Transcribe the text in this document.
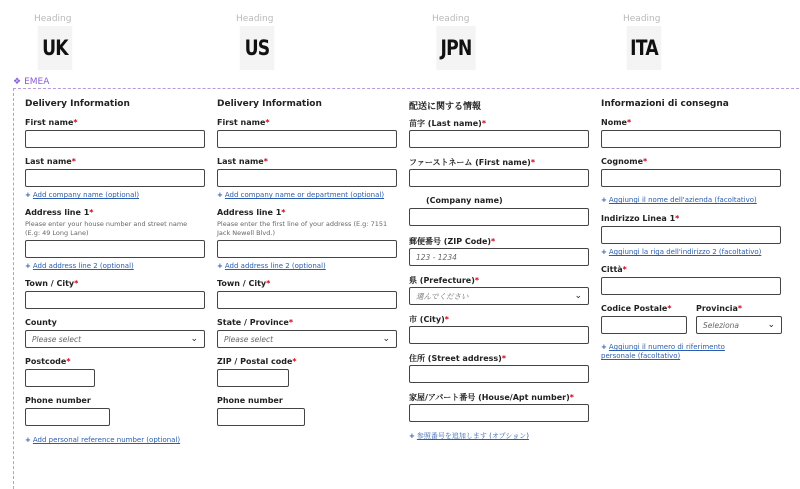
Heading
UK
Heading
US
Heading
JPN
Heading
ITA
❖ EMEA
Delivery Information
First name*
Last name*
+ Add company name (optional)
Address line 1*
Please enter your house number and street name (E.g: 49 Long Lane)
+ Add address line 2 (optional)
Town / City*
County
Please select	⌄
Postcode*
Phone number
+ Add personal reference number (optional)
Delivery Information
First name*
Last name*
+ Add company name or department (optional)
Address line 1*
Please enter the first line of your address (E.g: 7151 Jack Newell Blvd.)
+ Add address line 2 (optional)
Town / City*
State / Province*
Please select	⌄
ZIP / Postal code*
Phone number
配送に関する情報
苗字 (Last name)*
ファーストネーム (First name)*
(Company name)
郵便番号 (ZIP Code)*
123 - 1234
県 (Prefecture)*
選んでください	⌄
市 (City)*
住所 (Street address)*
家屋/アパート番号 (House/Apt number)*
+ 参照番号を追加します (オプション)
Informazioni di consegna
Nome*
Cognome*
+ Aggiungi il nome dell'azienda (facoltativo)
Indirizzo Linea 1*
+ Aggiungi la riga dell'indirizzo 2 (facoltativo)
Città*
Codice Postale*	Provincia*
Seleziona	⌄
+ Aggiungi il numero di riferimento personale (facoltativo)
